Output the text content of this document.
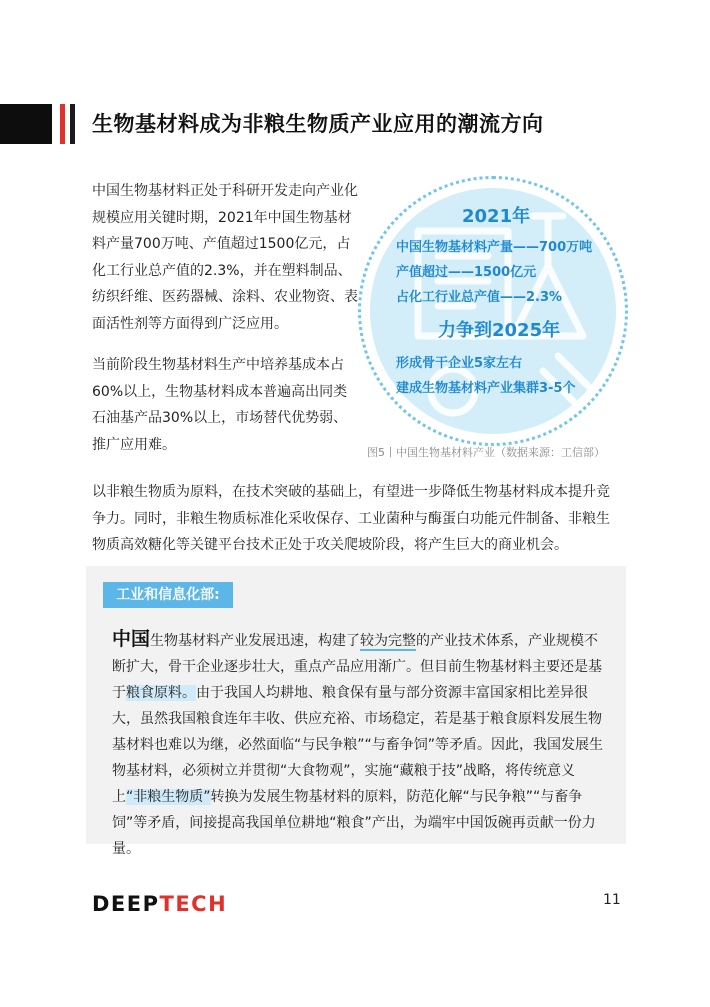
生物基材料成为非粮生物质产业应用的潮流方向

中国生物基材料正处于科研开发走向产业化规模应用关键时期，2021年中国生物基材料产量700万吨、产值超过1500亿元，占化工行业总产值的2.3%，并在塑料制品、纺织纤维、医药器械、涂料、农业物资、表面活性剂等方面得到广泛应用。

当前阶段生物基材料生产中培养基成本占60%以上，生物基材料成本普遍高出同类石油基产品30%以上，市场替代优势弱、推广应用难。

2021年
中国生物基材料产量——700万吨
产值超过——1500亿元
占化工行业总产值——2.3%
力争到2025年
形成骨干企业5家左右
建成生物基材料产业集群3-5个
图5丨中国生物基材料产业（数据来源：工信部）

以非粮生物质为原料，在技术突破的基础上，有望进一步降低生物基材料成本提升竞争力。同时，非粮生物质标准化采收保存、工业菌种与酶蛋白功能元件制备、非粮生物质高效糖化等关键平台技术正处于攻关爬坡阶段，将产生巨大的商业机会。

工业和信息化部:

中国生物基材料产业发展迅速，构建了较为完整的产业技术体系，产业规模不断扩大，骨干企业逐步壮大，重点产品应用渐广。但目前生物基材料主要还是基于粮食原料。由于我国人均耕地、粮食保有量与部分资源丰富国家相比差异很大，虽然我国粮食连年丰收、供应充裕、市场稳定，若是基于粮食原料发展生物基材料也难以为继，必然面临“与民争粮”“与畜争饲”等矛盾。因此，我国发展生物基材料，必须树立并贯彻“大食物观”，实施“藏粮于技”战略，将传统意义上“非粮生物质”转换为发展生物基材料的原料，防范化解“与民争粮”“与畜争饲”等矛盾，间接提高我国单位耕地“粮食”产出，为端牢中国饭碗再贡献一份力量。

DEEPTECH	11
